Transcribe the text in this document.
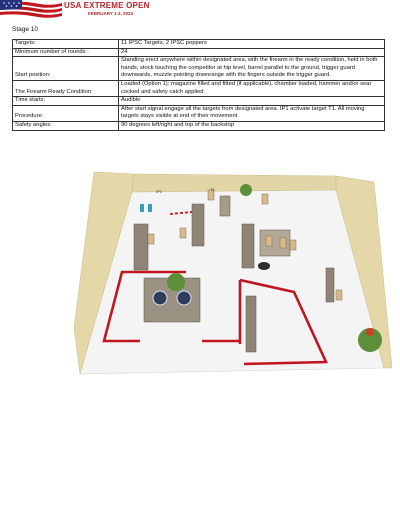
USA EXTREME OPEN
FEBRUARY 1-3, 2024
Stage 10
Targets:	11 IPSC Targets, 2 IPSC poppers
Minimum number of rounds :	24
Start position:	Standing erect anywhere within designated area, with the firearm in the ready condition, held in both hands, stock touching the competitor at hip level, barrel parallel to the ground, trigger guard downwards, muzzle pointing downrange with the fingers outside the trigger guard.
The Firearm Ready Condition:	Loaded (Option 1): magazine filled and fitted (if applicable), chamber loaded, hammer and/or sear cocked and safety catch applied
Time starts:	Audible
Procedure:	After start signal engage all the targets from designated area. IP1 activate target T1. All moving targets stays visible at end of their movement
Safety angles:	90 degrees left/right and top of the backstop
IP1	T1
